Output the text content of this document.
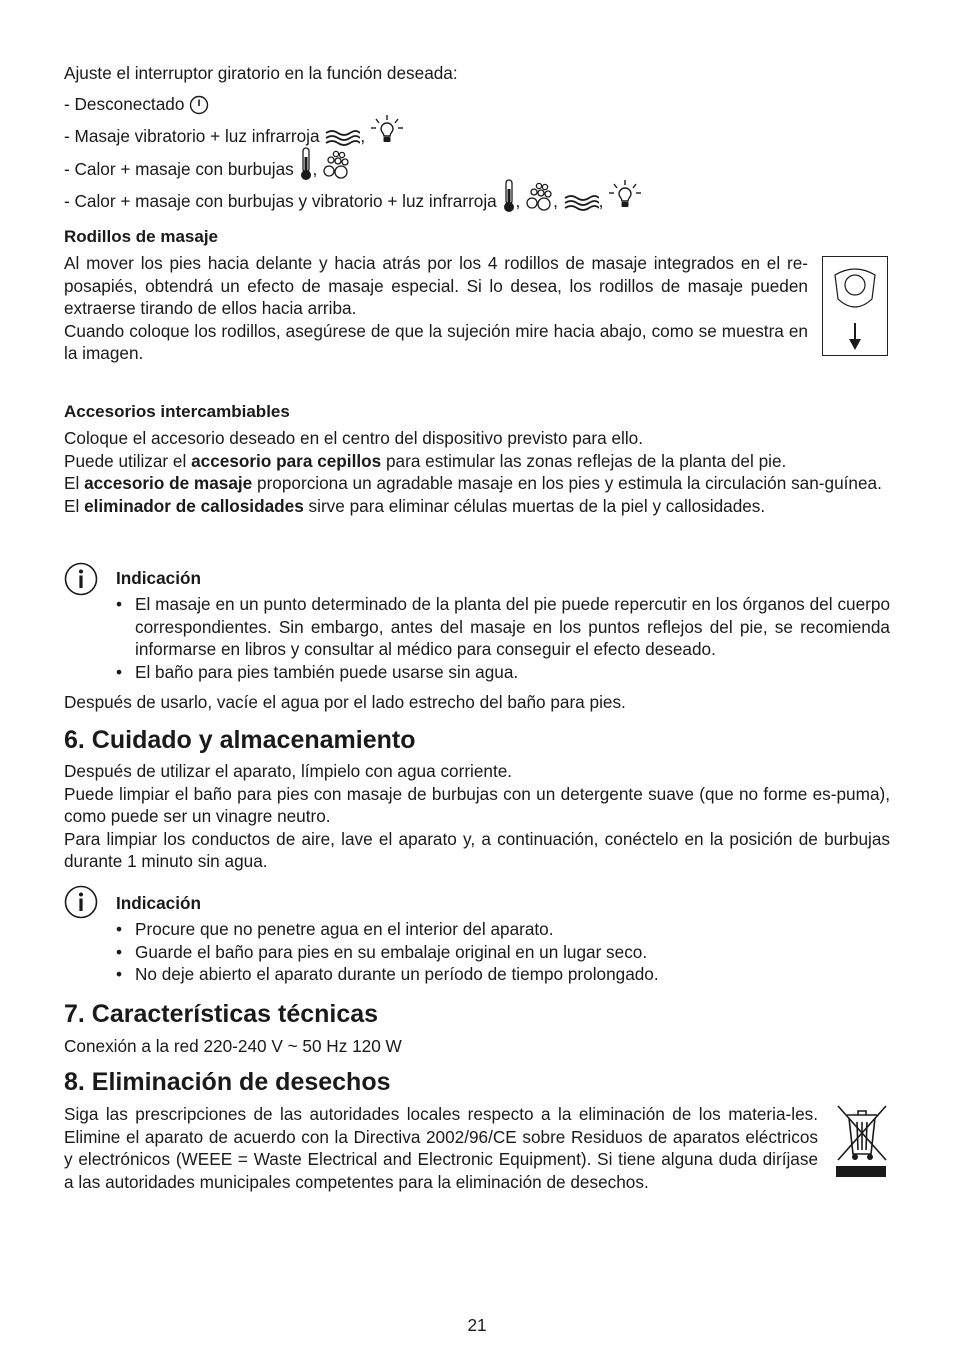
Ajuste el interruptor giratorio en la función deseada:

- Desconectado

- Masaje vibratorio + luz infrarroja ,

- Calor + masaje con burbujas ,

- Calor + masaje con burbujas y vibratorio + luz infrarroja , , ,

Rodillos de masaje

Al mover los pies hacia delante y hacia atrás por los 4 rodillos de masaje integrados en el re-posapiés, obtendrá un efecto de masaje especial. Si lo desea, los rodillos de masaje pueden extraerse tirando de ellos hacia arriba.

Cuando coloque los rodillos, asegúrese de que la sujeción mire hacia abajo, como se muestra en la imagen.

Accesorios intercambiables

Coloque el accesorio deseado en el centro del dispositivo previsto para ello.

Puede utilizar el accesorio para cepillos para estimular las zonas reflejas de la planta del pie.

El accesorio de masaje proporciona un agradable masaje en los pies y estimula la circulación san-guínea.

El eliminador de callosidades sirve para eliminar células muertas de la piel y callosidades.

Indicación

• El masaje en un punto determinado de la planta del pie puede repercutir en los órganos del cuerpo correspondientes. Sin embargo, antes del masaje en los puntos reflejos del pie, se recomienda informarse en libros y consultar al médico para conseguir el efecto deseado.
• El baño para pies también puede usarse sin agua.

Después de usarlo, vacíe el agua por el lado estrecho del baño para pies.

6. Cuidado y almacenamiento

Después de utilizar el aparato, límpielo con agua corriente.

Puede limpiar el baño para pies con masaje de burbujas con un detergente suave (que no forme es-puma), como puede ser un vinagre neutro.

Para limpiar los conductos de aire, lave el aparato y, a continuación, conéctelo en la posición de burbujas durante 1 minuto sin agua.

Indicación

• Procure que no penetre agua en el interior del aparato.
• Guarde el baño para pies en su embalaje original en un lugar seco.
• No deje abierto el aparato durante un período de tiempo prolongado.
7. Características técnicas

Conexión a la red 220-240 V ~ 50 Hz 120 W

8. Eliminación de desechos

Siga las prescripciones de las autoridades locales respecto a la eliminación de los materia-les. Elimine el aparato de acuerdo con la Directiva 2002/96/CE sobre Residuos de aparatos eléctricos y electrónicos (WEEE = Waste Electrical and Electronic Equipment). Si tiene alguna duda diríjase a las autoridades municipales competentes para la eliminación de desechos.

21
